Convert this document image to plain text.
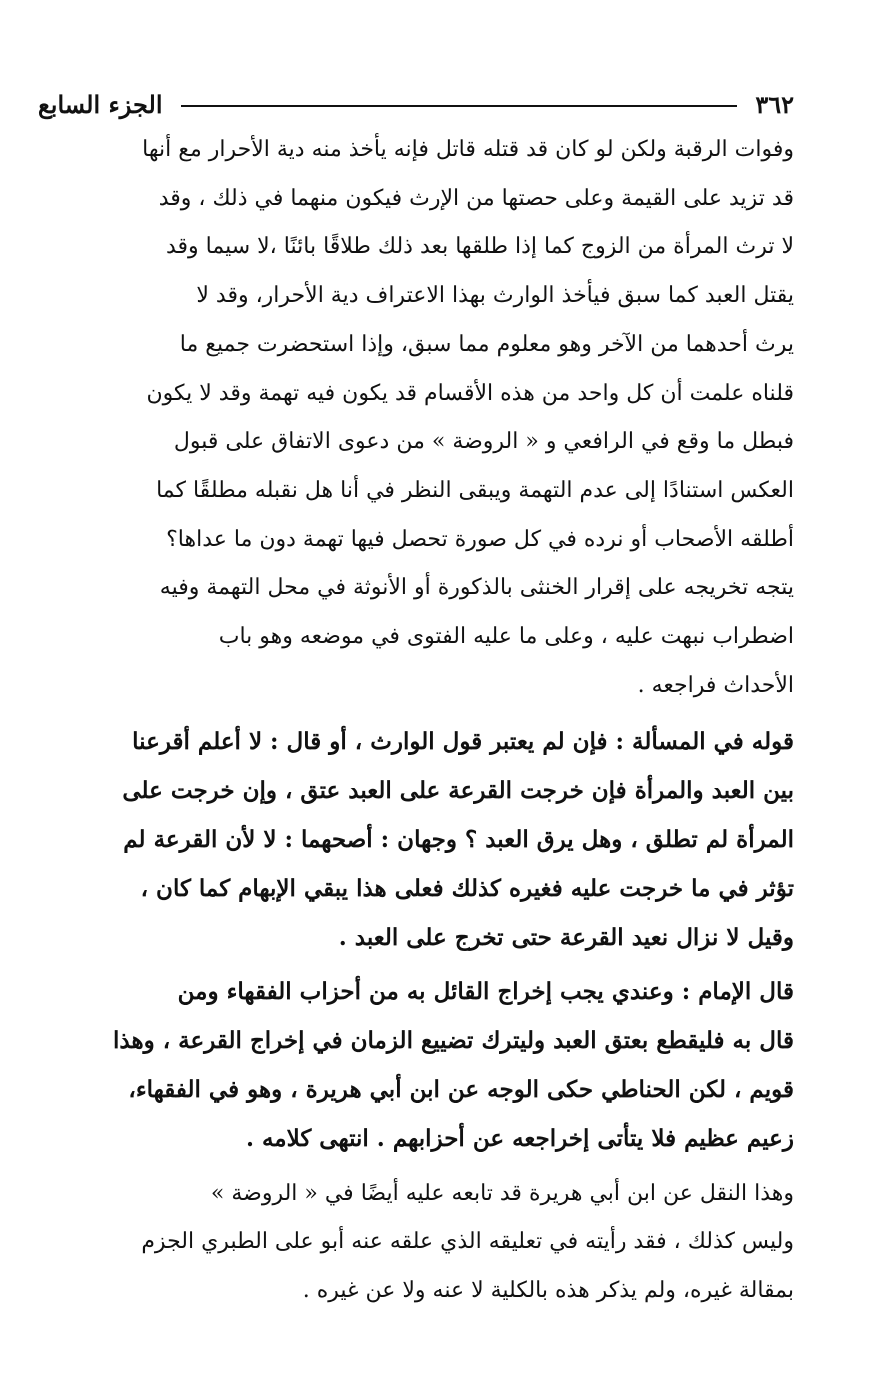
٣٦٢
الجزء السابع

وفوات الرقبة ولكن لو كان قد قتله قاتل فإنه يأخذ منه دية الأحرار مع أنها
قد تزيد على القيمة وعلى حصتها من الإرث فيكون منهما في ذلك ، وقد
لا ترث المرأة من الزوج كما إذا طلقها بعد ذلك طلاقًا بائنًا ،لا سيما وقد
يقتل العبد كما سبق فيأخذ الوارث بهذا الاعتراف دية الأحرار، وقد لا
يرث أحدهما من الآخر وهو معلوم مما سبق، وإذا استحضرت جميع ما
قلناه علمت أن كل واحد من هذه الأقسام قد يكون فيه تهمة وقد لا يكون
فبطل ما وقع في الرافعي و « الروضة » من دعوى الاتفاق على قبول
العكس استنادًا إلى عدم التهمة ويبقى النظر في أنا هل نقبله مطلقًا كما
أطلقه الأصحاب أو نرده في كل صورة تحصل فيها تهمة دون ما عداها؟
يتجه تخريجه على إقرار الخنثى بالذكورة أو الأنوثة في محل التهمة وفيه
اضطراب نبهت عليه ، وعلى ما عليه الفتوى في موضعه وهو باب
الأحداث فراجعه .

قوله في المسألة : فإن لم يعتبر قول الوارث ، أو قال : لا أعلم أقرعنا
بين العبد والمرأة فإن خرجت القرعة على العبد عتق ، وإن خرجت على
المرأة لم تطلق ، وهل يرق العبد ؟ وجهان : أصحهما : لا لأن القرعة لم
تؤثر في ما خرجت عليه فغيره كذلك فعلى هذا يبقي الإبهام كما كان ،
وقيل لا نزال نعيد القرعة حتى تخرج على العبد .

قال الإمام : وعندي يجب إخراج القائل به من أحزاب الفقهاء ومن
قال به فليقطع بعتق العبد وليترك تضييع الزمان في إخراج القرعة ، وهذا
قويم ، لكن الحناطي حكى الوجه عن ابن أبي هريرة ، وهو في الفقهاء،
زعيم عظيم فلا يتأتى إخراجعه عن أحزابهم . انتهى كلامه .

وهذا النقل عن ابن أبي هريرة قد تابعه عليه أيضًا في « الروضة »
وليس كذلك ، فقد رأيته في تعليقه الذي علقه عنه أبو على الطبري الجزم
بمقالة غيره، ولم يذكر هذه بالكلية لا عنه ولا عن غيره .
